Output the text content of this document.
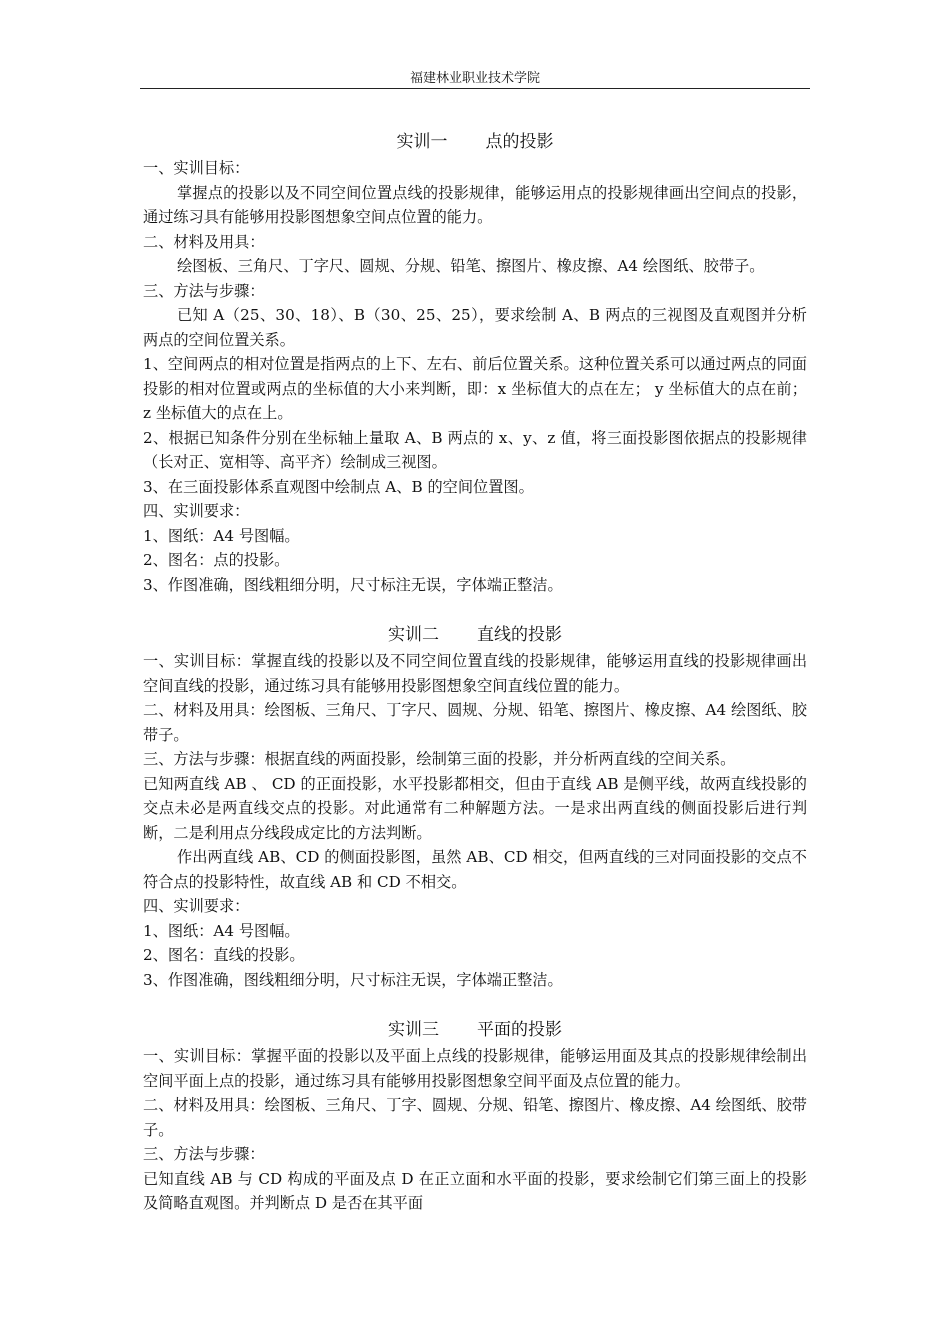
福建林业职业技术学院
实训一 点的投影

一、实训目标：

掌握点的投影以及不同空间位置点线的投影规律，能够运用点的投影规律画出空间点的投影，通过练习具有能够用投影图想象空间点位置的能力。

二、材料及用具：

绘图板、三角尺、丁字尺、圆规、分规、铅笔、擦图片、橡皮擦、A4 绘图纸、胶带子。

三、方法与步骤：

已知 A（25、30、18）、B（30、25、25），要求绘制 A、B 两点的三视图及直观图并分析两点的空间位置关系。

1、空间两点的相对位置是指两点的上下、左右、前后位置关系。这种位置关系可以通过两点的同面投影的相对位置或两点的坐标值的大小来判断，即：x 坐标值大的点在左； y 坐标值大的点在前； z 坐标值大的点在上。

2、根据已知条件分别在坐标轴上量取 A、B 两点的 x、y、z 值，将三面投影图依据点的投影规律（长对正、宽相等、高平齐）绘制成三视图。

3、在三面投影体系直观图中绘制点 A、B 的空间位置图。

四、实训要求：

1、图纸：A4 号图幅。

2、图名：点的投影。

3、作图准确，图线粗细分明，尺寸标注无误，字体端正整洁。

实训二 直线的投影

一、实训目标：掌握直线的投影以及不同空间位置直线的投影规律，能够运用直线的投影规律画出空间直线的投影，通过练习具有能够用投影图想象空间直线位置的能力。

二、材料及用具：绘图板、三角尺、丁字尺、圆规、分规、铅笔、擦图片、橡皮擦、A4 绘图纸、胶带子。

三、方法与步骤：根据直线的两面投影，绘制第三面的投影，并分析两直线的空间关系。

已知两直线 AB 、 CD 的正面投影，水平投影都相交，但由于直线 AB 是侧平线，故两直线投影的交点未必是两直线交点的投影。对此通常有二种解题方法。一是求出两直线的侧面投影后进行判断，二是利用点分线段成定比的方法判断。

作出两直线 AB、CD 的侧面投影图，虽然 AB、CD 相交，但两直线的三对同面投影的交点不符合点的投影特性，故直线 AB 和 CD 不相交。

四、实训要求：

1、图纸：A4 号图幅。

2、图名：直线的投影。

3、作图准确，图线粗细分明，尺寸标注无误，字体端正整洁。

实训三 平面的投影

一、实训目标：掌握平面的投影以及平面上点线的投影规律，能够运用面及其点的投影规律绘制出空间平面上点的投影，通过练习具有能够用投影图想象空间平面及点位置的能力。

二、材料及用具：绘图板、三角尺、丁字、圆规、分规、铅笔、擦图片、橡皮擦、A4 绘图纸、胶带子。

三、方法与步骤：

已知直线 AB 与 CD 构成的平面及点 D 在正立面和水平面的投影，要求绘制它们第三面上的投影及简略直观图。并判断点 D 是否在其平面
